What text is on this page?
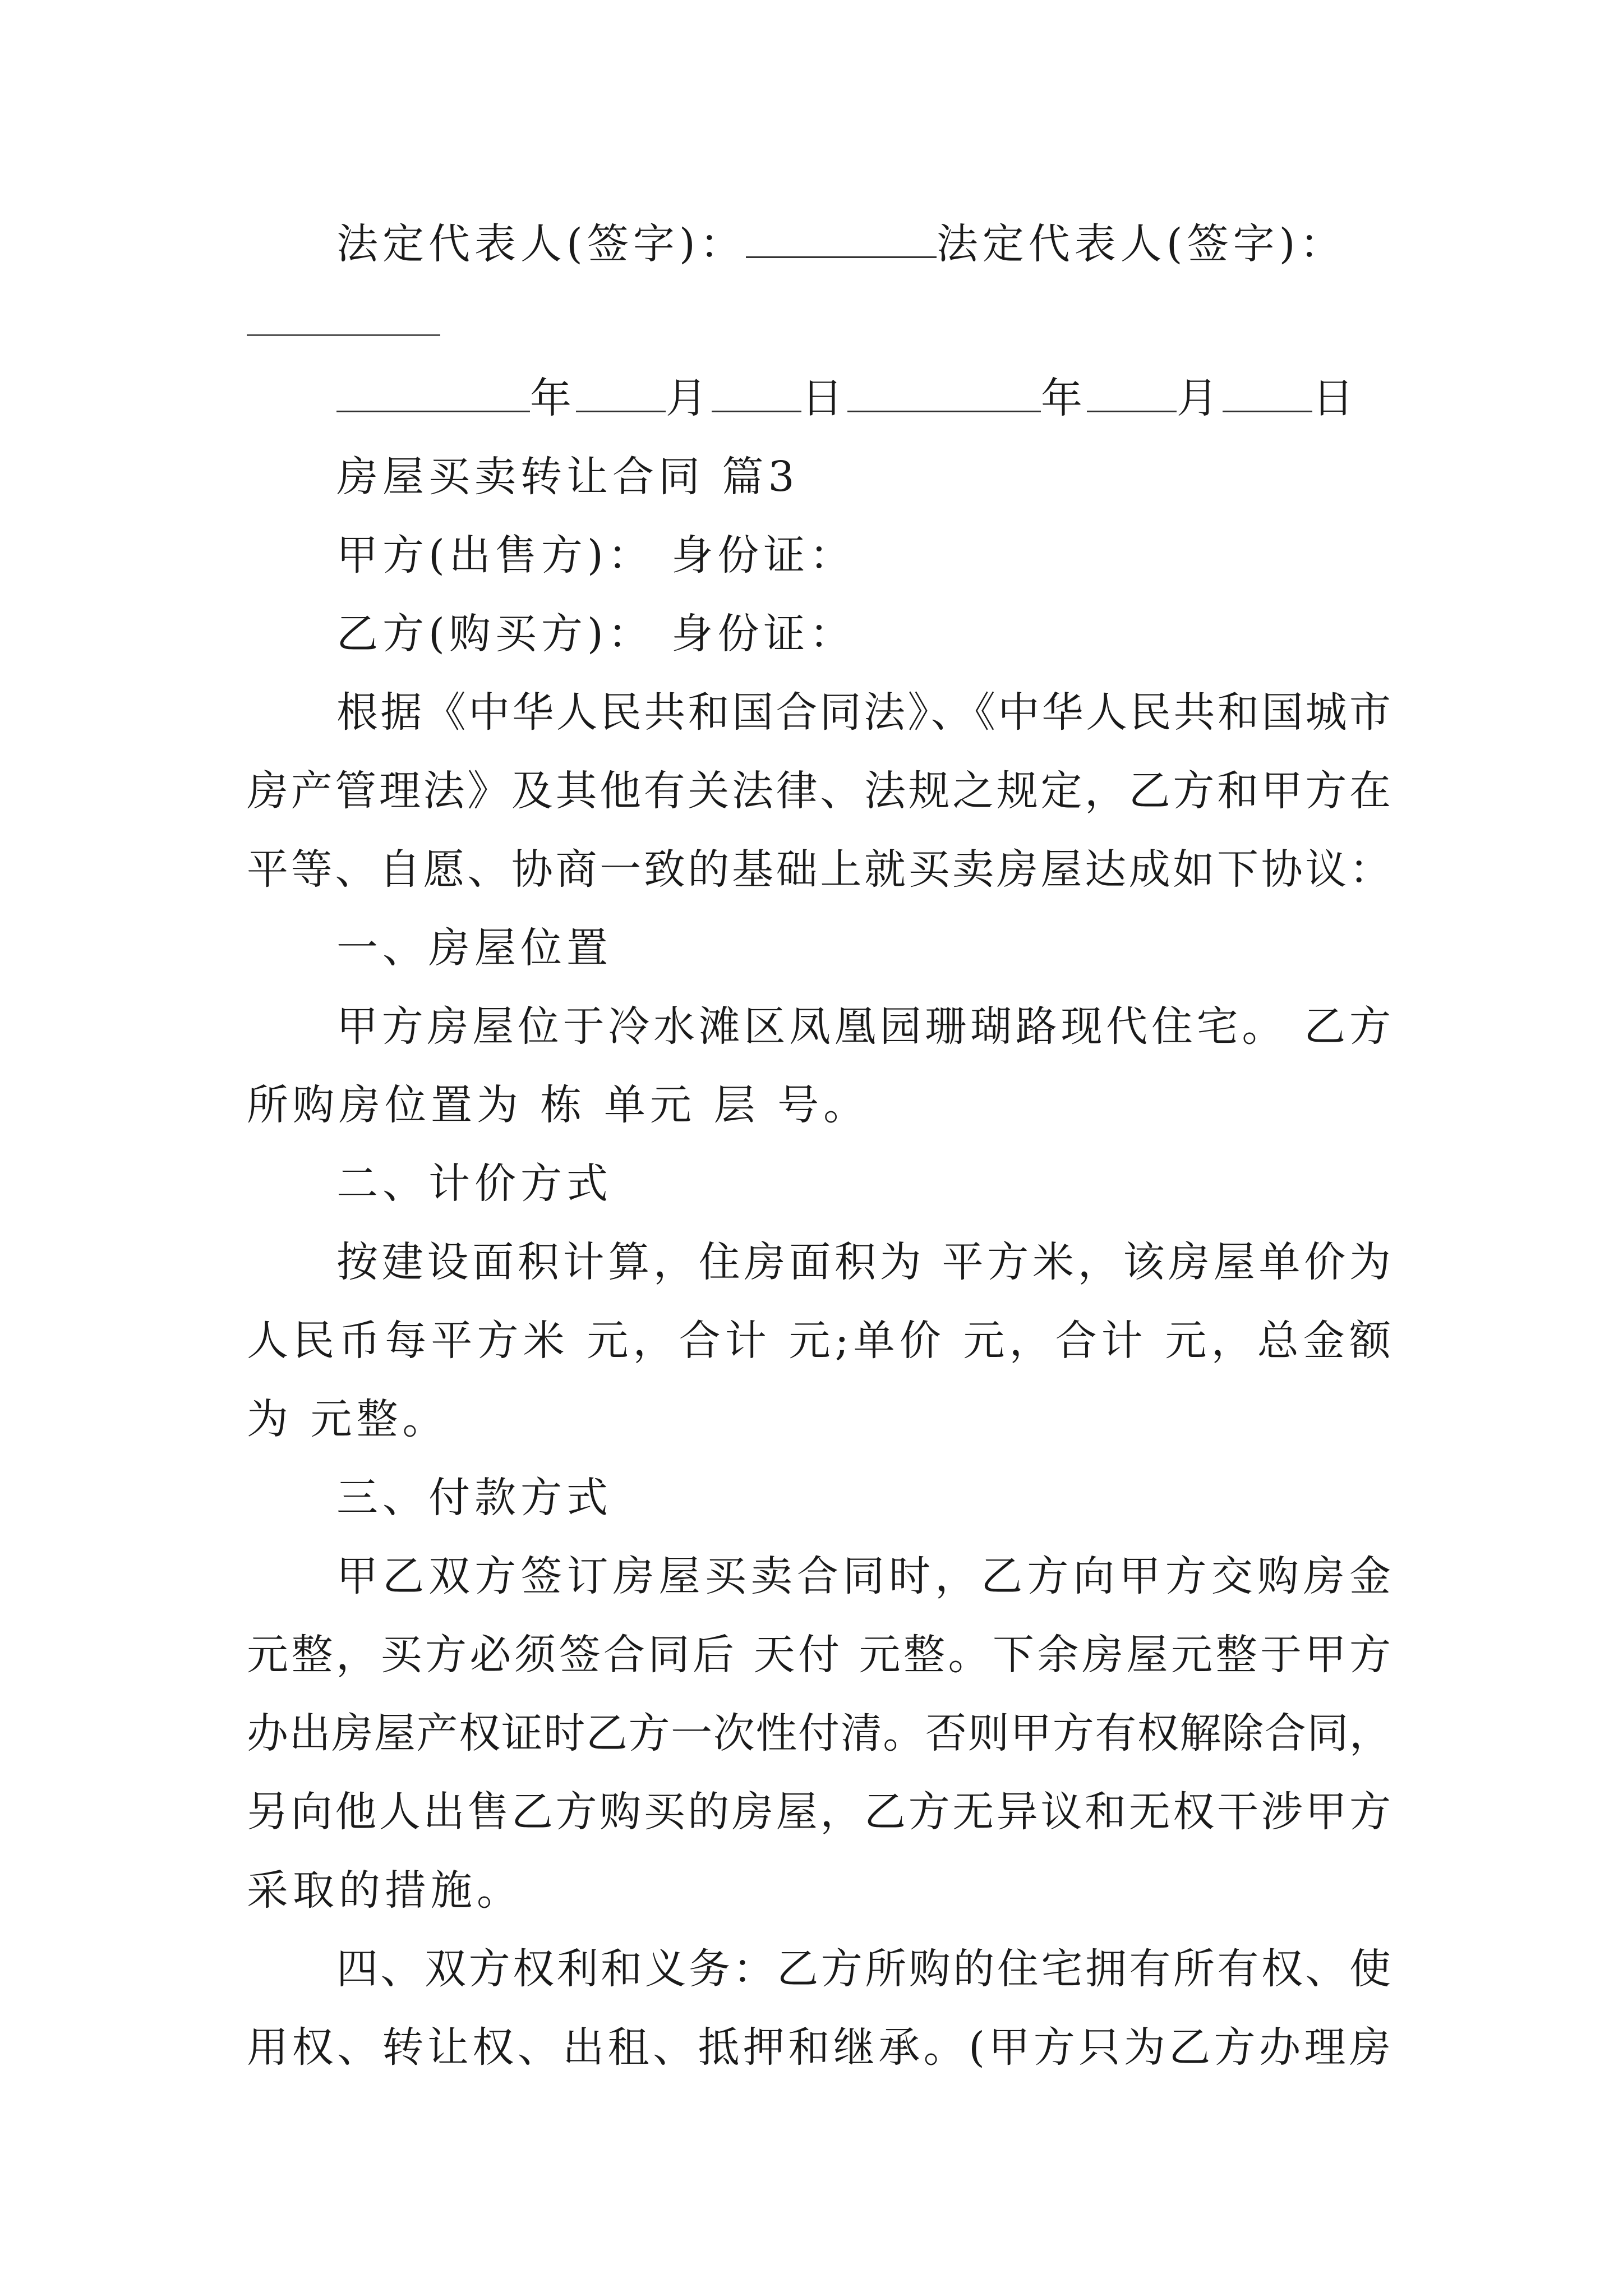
法定代表人(签字)：	法定代表人(签字)：
年 月 日	年 月 日
房屋买卖转让合同 篇3
甲方(出售方)： 身份证：
乙方(购买方)： 身份证：
根据《中华人民共和国合同法》、《中华人民共和国城市
房产管理法》及其他有关法律、法规之规定，乙方和甲方在
平等、自愿、协商一致的基础上就买卖房屋达成如下协议：
一、房屋位置
甲方房屋位于冷水滩区凤凰园珊瑚路现代住宅。 乙方
所购房位置为 栋 单元 层 号。
二、计价方式
按建设面积计算，住房面积为 平方米，该房屋单价为
人民币每平方米 元，合计 元;单价 元，合计 元，总金额
为 元整。
三、付款方式
甲乙双方签订房屋买卖合同时，乙方向甲方交购房金
元整，买方必须签合同后 天付 元整。下余房屋元整于甲方
办出房屋产权证时乙方一次性付清。否则甲方有权解除合同，
另向他人出售乙方购买的房屋，乙方无异议和无权干涉甲方
采取的措施。
四、双方权利和义务：乙方所购的住宅拥有所有权、使
用权、转让权、出租、抵押和继承。(甲方只为乙方办理房
